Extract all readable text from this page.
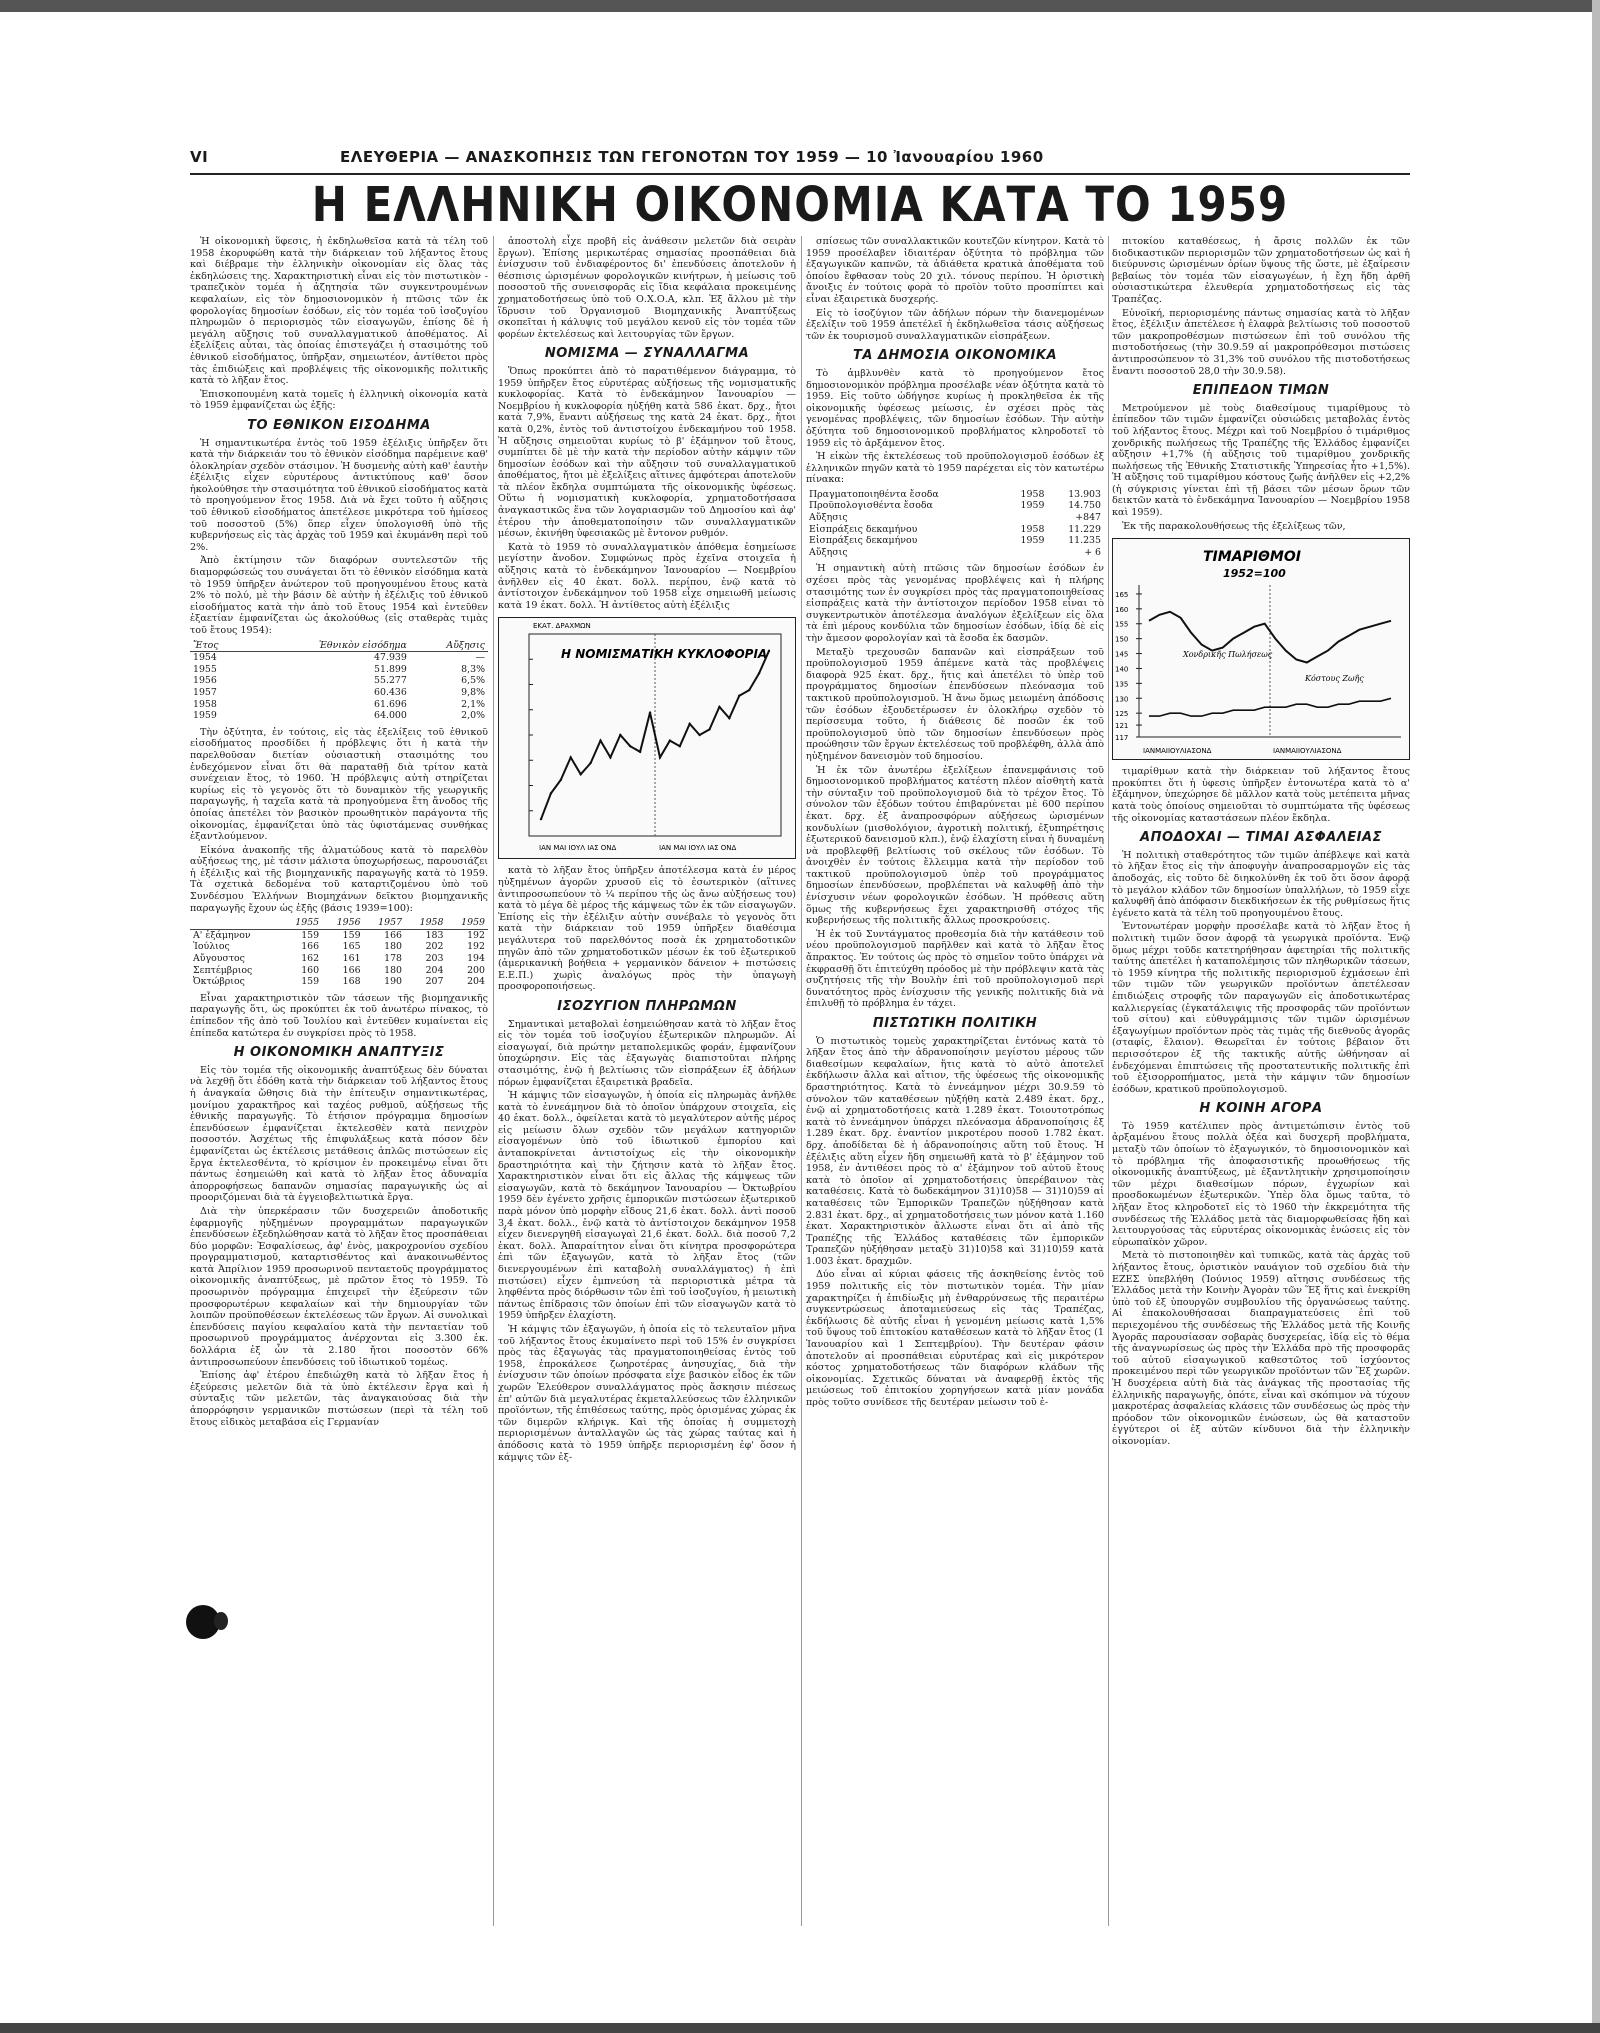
VI	ΕΛΕΥΘΕΡΙΑ — ΑΝΑΣΚΟΠΗΣΙΣ ΤΩΝ ΓΕΓΟΝΟΤΩΝ ΤΟΥ 1959 — 10 Ἰανουαρίου 1960
Η ΕΛΛΗΝΙΚΗ ΟΙΚΟΝΟΜΙΑ ΚΑΤΑ ΤΟ 1959

Ἡ οἰκονομικὴ ὕφεσις, ἡ ἐκδηλωθεῖσα κατὰ τὰ τέλη τοῦ 1958 ἐκορυφώθη κατὰ τὴν διάρκειαν τοῦ λήξαντος ἔτους καὶ διέβραμε τὴν ἑλληνικὴν οἰκονομίαν εἰς ὅλας τὰς ἐκδηλώσεις της. Χαρακτηριστικὴ εἶναι εἰς τὸν πιστωτικὸν - τραπεζικὸν τομέα ἡ ἀζητησία τῶν συγκεντρουμένων κεφαλαίων, εἰς τὸν δημοσιονομικὸν ἡ πτῶσις τῶν ἐκ φορολογίας δημοσίων ἐσόδων, εἰς τὸν τομέα τοῦ ἰσοζυγίου πληρωμῶν ὁ περιορισμὸς τῶν εἰσαγωγῶν, ἐπίσης δὲ ἡ μεγάλη αὔξησις τοῦ συναλλαγματικοῦ ἀποθέματος. Αἱ ἐξελίξεις αὗται, τὰς ὁποίας ἐπιστεγάζει ἡ στασιμότης τοῦ ἐθνικοῦ εἰσοδήματος, ὑπῆρξαν, σημειωτέον, ἀντίθετοι πρὸς τὰς ἐπιδιώξεις καὶ προβλέψεις τῆς οἰκονομικῆς πολιτικῆς κατὰ τὸ λῆξαν ἔτος.

Ἐπισκοπουμένη κατὰ τομεῖς ἡ ἑλληνικὴ οἰκονομία κατὰ τὸ 1959 ἐμφανίζεται ὡς ἑξῆς:

ΤΟ ΕΘΝΙΚΟΝ ΕΙΣΟΔΗΜΑ

Ἡ σημαντικωτέρα ἐντὸς τοῦ 1959 ἐξέλιξις ὑπῆρξεν ὅτι κατὰ τὴν διάρκειάν του τὸ ἐθνικὸν εἰσόδημα παρέμεινε καθ' ὁλοκληρίαν σχεδὸν στάσιμον. Ἡ δυσμενὴς αὐτὴ καθ' ἑαυτὴν ἐξέλιξις εἶχεν εὐρυτέρους ἀντικτύπους καθ' ὅσον ἠκολούθησε τὴν στασιμότητα τοῦ ἐθνικοῦ εἰσοδήματος κατὰ τὸ προηγούμενον ἔτος 1958. Διὰ νὰ ἔχει τοῦτο ἡ αὔξησις τοῦ ἐθνικοῦ εἰσοδήματος ἀπετέλεσε μικρότερα τοῦ ἡμίσεος τοῦ ποσοστοῦ (5%) ὅπερ εἶχεν ὑπολογισθῆ ὑπὸ τῆς κυβερνήσεως εἰς τὰς ἀρχὰς τοῦ 1959 καὶ ἐκυμάνθη περὶ τοῦ 2%.

Ἀπὸ ἐκτίμησιν τῶν διαφόρων συντελεστῶν τῆς διαμορφώσεώς του συνάγεται ὅτι τὸ ἐθνικὸν εἰσόδημα κατὰ τὸ 1959 ὑπῆρξεν ἀνώτερον τοῦ προηγουμένου ἔτους κατὰ 2% τὸ πολύ, μὲ τὴν βάσιν δὲ αὐτὴν ἡ ἐξέλιξις τοῦ ἐθνικοῦ εἰσοδήματος κατὰ τὴν ἀπὸ τοῦ ἔτους 1954 καὶ ἐντεῦθεν ἑξαετίαν ἐμφανίζεται ὡς ἀκολούθως (εἰς σταθερὰς τιμὰς τοῦ ἔτους 1954):

Ἔτος	Ἐθνικὸν εἰσόδημα	Αὔξησις
1954	47.939	—
1955	51.899	8,3%
1956	55.277	6,5%
1957	60.436	9,8%
1958	61.696	2,1%
1959	64.000	2,0%

Τὴν ὀξύτητα, ἐν τούτοις, εἰς τὰς ἐξελίξεις τοῦ ἐθνικοῦ εἰσοδήματος προσδίδει ἡ πρόβλεψις ὅτι ἡ κατὰ τὴν παρελθοῦσαν διετίαν οὐσιαστικὴ στασιμότης του ἐνδεχόμενον εἶναι ὅτι θὰ παραταθῇ διὰ τρίτον κατὰ συνέχειαν ἔτος, τὸ 1960. Ἡ πρόβλεψις αὐτὴ στηρίζεται κυρίως εἰς τὸ γεγονὸς ὅτι τὸ δυναμικὸν τῆς γεωργικῆς παραγωγῆς, ἡ ταχεῖα κατὰ τὰ προηγούμενα ἔτη ἄνοδος τῆς ὁποίας ἀπετέλει τὸν βασικὸν προωθητικὸν παράγοντα τῆς οἰκονομίας, ἐμφανίζεται ὑπὸ τὰς ὑφιστάμενας συνθήκας ἐξαντλούμενον.

Εἰκόνα ἀνακοπῆς τῆς ἀλματώδους κατὰ τὸ παρελθὸν αὐξήσεως της, μὲ τάσιν μάλιστα ὑποχωρήσεως, παρουσιάζει ἡ ἐξέλιξις καὶ τῆς βιομηχανικῆς παραγωγῆς κατὰ τὸ 1959. Τὰ σχετικὰ δεδομένα τοῦ καταρτιζομένου ὑπὸ τοῦ Συνδέσμου Ἑλλήνων Βιομηχάνων δεῖκτου βιομηχανικῆς παραγωγῆς ἔχουν ὡς ἑξῆς (βάσις 1939=100):

	1955	1956	1957	1958	1959
Α' ἑξάμηνον	159	159	166	183	192
Ἰούλιος	166	165	180	202	192
Αὔγουστος	162	161	178	203	194
Σεπτέμβριος	160	166	180	204	200
Ὀκτώβριος	159	168	190	207	204

Εἶναι χαρακτηριστικὸν τῶν τάσεων τῆς βιομηχανικῆς παραγωγῆς ὅτι, ὡς προκύπτει ἐκ τοῦ ἀνωτέρω πίνακος, τὸ ἐπίπεδον τῆς ἀπὸ τοῦ Ἰουλίου καὶ ἐντεῦθεν κυμαίνεται εἰς ἐπίπεδα κατώτερα ἐν συγκρίσει πρὸς τὸ 1958.

Η ΟΙΚΟΝΟΜΙΚΗ ΑΝΑΠΤΥΞΙΣ

Εἰς τὸν τομέα τῆς οἰκονομικῆς ἀναπτύξεως δὲν δύναται νὰ λεχθῇ ὅτι ἐδόθη κατὰ τὴν διάρκειαν τοῦ λήξαντος ἔτους ἡ ἀναγκαία ὤθησις διὰ τὴν ἐπίτευξιν σημαντικωτέρας, μονίμου χαρακτῆρος καὶ ταχέος ρυθμοῦ, αὐξήσεως τῆς ἐθνικῆς παραγωγῆς. Τὸ ἐτήσιον πρόγραμμα δημοσίων ἐπενδύσεων ἐμφανίζεται ἐκτελεσθὲν κατὰ πενιχρὸν ποσοστόν. Ἀσχέτως τῆς ἐπιφυλάξεως κατὰ πόσον δὲν ἐμφανίζεται ὡς ἐκτέλεσις μετάθεσις ἁπλῶς πιστώσεων εἰς ἔργα ἐκτελεσθέντα, τὸ κρίσιμον ἐν προκειμένῳ εἶναι ὅτι πάντως ἐσημειώθη καὶ κατὰ τὸ λῆξαν ἔτος ἀδυναμία ἀπορροφήσεως δαπανῶν σημασίας παραγωγικῆς ὡς αἱ προοριζόμεναι διὰ τὰ ἐγγειοβελτιωτικὰ ἔργα.

Διὰ τὴν ὑπερκέρασιν τῶν δυσχερειῶν ἀποδοτικῆς ἐφαρμογῆς ηὐξημένων προγραμμάτων παραγωγικῶν ἐπενδύσεων ἐξεδηλώθησαν κατὰ τὸ λῆξαν ἔτος προσπάθειαι δύο μορφῶν: Ἐσφαλίσεως, ἀφ' ἑνὸς, μακροχρονίου σχεδίου προγραμματισμοῦ, καταρτισθέντος καὶ ἀνακοινωθέντος κατὰ Ἀπρίλιον 1959 προσωρινοῦ πενταετοῦς προγράμματος οἰκονομικῆς ἀναπτύξεως, μὲ πρῶτον ἔτος τὸ 1959. Τὸ προσωρινὸν πρόγραμμα ἐπιχειρεῖ τὴν ἐξεύρεσιν τῶν προσφορωτέρων κεφαλαίων καὶ τὴν δημιουργίαν τῶν λοιπῶν προϋποθέσεων ἐκτελέσεως τῶν ἔργων. Αἱ συνολικαὶ ἐπενδύσεις παγίου κεφαλαίου κατὰ τὴν πενταετίαν τοῦ προσωρινοῦ προγράμματος ἀνέρχονται εἰς 3.300 ἑκ. δολλάρια ἐξ ὧν τὰ 2.180 ἤτοι ποσοστὸν 66% ἀντιπροσωπεύουν ἐπενδύσεις τοῦ ἰδιωτικοῦ τομέως.

Ἐπίσης ἀφ' ἑτέρου ἐπεδιώχθη κατὰ τὸ λῆξαν ἔτος ἡ ἐξεύρεσις μελετῶν διὰ τὰ ὑπὸ ἐκτέλεσιν ἔργα καὶ ἡ σύνταξις τῶν μελετῶν, τὰς ἀναγκαιούσας διὰ τὴν ἀπορρόφησιν γερμανικῶν πιστώσεων (περὶ τὰ τέλη τοῦ ἔτους εἰδικὸς μεταβάσα εἰς Γερμανίαν

ἀποστολὴ εἶχε προβῆ εἰς ἀνάθεσιν μελετῶν διὰ σειρὰν ἔργων). Ἐπίσης μερικωτέρας σημασίας προσπάθειαι διὰ ἐνίσχυσιν τοῦ ἐνδιαφέροντος δι' ἐπενδύσεις ἀποτελοῦν ἡ θέσπισις ὡρισμένων φορολογικῶν κινήτρων, ἡ μείωσις τοῦ ποσοστοῦ τῆς συνεισφορᾶς εἰς ἴδια κεφάλαια προκειμένης χρηματοδοτήσεως ὑπὸ τοῦ Ο.Χ.Ο.Α, κλπ. Ἐξ ἄλλου μὲ τὴν ἵδρυσιν τοῦ Ὀργανισμοῦ Βιομηχανικῆς Ἀναπτύξεως σκοπεῖται ἡ κάλυψις τοῦ μεγάλου κενοῦ εἰς τὸν τομέα τῶν φορέων ἐκτελέσεως καὶ λειτουργίας τῶν ἔργων.

ΝΟΜΙΣΜΑ — ΣΥΝΑΛΛΑΓΜΑ

Ὅπως προκύπτει ἀπὸ τὸ παρατιθέμενον διάγραμμα, τὸ 1959 ὑπῆρξεν ἔτος εὐρυτέρας αὐξήσεως τῆς νομισματικῆς κυκλοφορίας. Κατὰ τὸ ἐνδεκάμηνον Ἰανουαρίου — Νοεμβρίου ἡ κυκλοφορία ηὐξήθη κατὰ 586 ἑκατ. δρχ., ἤτοι κατὰ 7,9%, ἔναντι αὐξήσεως της κατὰ 24 ἑκατ. δρχ., ἤτοι κατὰ 0,2%, ἐντὸς τοῦ ἀντιστοίχου ἐνδεκαμήνου τοῦ 1958. Ἡ αὔξησις σημειοῦται κυρίως τὸ β' ἑξάμηνον τοῦ ἔτους, συμπίπτει δὲ μὲ τὴν κατὰ τὴν περίοδον αὐτὴν κάμψιν τῶν δημοσίων ἐσόδων καὶ τὴν αὔξησιν τοῦ συναλλαγματικοῦ ἀποθέματος, ἤτοι μὲ ἐξελίξεις αἵτινες ἀμφότεραι ἀποτελοῦν τὰ πλέον ἔκδηλα συμπτώματα τῆς οἰκονομικῆς ὑφέσεως. Οὕτω ἡ νομισματικὴ κυκλοφορία, χρηματοδοτήσασα ἀναγκαστικῶς ἕνα τῶν λογαριασμῶν τοῦ Δημοσίου καὶ ἀφ' ἑτέρου τὴν ἀποθεματοποίησιν τῶν συναλλαγματικῶν μέσων, ἐκινήθη ὑφεσιακῶς μὲ ἔντονον ρυθμόν.

Κατὰ τὸ 1959 τὸ συναλλαγματικὸν ἀπόθεμα ἐσημείωσε μεγίστην ἄνοδον. Συμφώνως πρὸς ἐχεῖνα στοιχεῖα ἡ αὔξησις κατὰ τὸ ἐνδεκάμηνον Ἰανουαρίου — Νοεμβρίου ἀνῆλθεν εἰς 40 ἑκατ. δολλ. περίπου, ἐνῷ κατὰ τὸ ἀντίστοιχον ἐνδεκάμηνον τοῦ 1958 εἶχε σημειωθῆ μείωσις κατὰ 19 ἑκατ. δολλ. Ἡ ἀντίθετος αὐτὴ ἐξέλιξις

ΕΚΑΤ. ΔΡΑΧΜΩΝ
Η ΝΟΜΙΣΜΑΤΙΚΗ ΚΥΚΛΟΦΟΡΙΑ
ΙΑΝ ΜΑΙ ΙΟΥΛ ΙΑΣ ΟΝΔ	ΙΑΝ ΜΑΙ ΙΟΥΛ ΙΑΣ ΟΝΔ

κατὰ τὸ λῆξαν ἔτος ὑπῆρξεν ἀποτέλεσμα κατὰ ἐν μέρος ηὐξημένων ἀγορῶν χρυσοῦ εἰς τὸ ἐσωτερικὸν (αἵτινες ἀντιπροσωπεύουν τὸ ¼ περίπου τῆς ὡς ἄνω αὐξήσεως του) κατὰ τὸ μέγα δὲ μέρος τῆς κάμψεως τῶν ἐκ τῶν εἰσαγωγῶν. Ἐπίσης εἰς τὴν ἐξέλιξιν αὐτὴν συνέβαλε τὸ γεγονὸς ὅτι κατὰ τὴν διάρκειαν τοῦ 1959 ὑπῆρξεν διαθέσιμα μεγάλυτερα τοῦ παρελθόντος ποσὰ ἐκ χρηματοδοτικῶν πηγῶν ἀπὸ τῶν χρηματοδοτικῶν μέσων ἐκ τοῦ ἐξωτερικοῦ (ἀμερικανικὴ βοήθεια + γερμανικὸν δάνειον + πιστώσεις Ε.Ε.Π.) χωρὶς ἀναλόγως πρὸς τὴν ὑπαγωγὴ προσφοροποιήσεως.

ΙΣΟΖΥΓΙΟΝ ΠΛΗΡΩΜΩΝ

Σημαντικαὶ μεταβολαὶ ἐσημειώθησαν κατὰ τὸ λῆξαν ἔτος εἰς τὸν τομέα τοῦ ἰσοζυγίου ἐξωτερικῶν πληρωμῶν. Αἱ εἰσαγωγαί, διὰ πρώτην μεταπολεμικῶς φοράν, ἐμφανίζουν ὑποχώρησιν. Εἰς τὰς ἐξαγωγὰς διαπιστοῦται πλήρης στασιμότης, ἐνῷ ἡ βελτίωσις τῶν εἰσπράξεων ἐξ ἀδήλων πόρων ἐμφανίζεται ἐξαιρετικὰ βραδεῖα.

Ἡ κάμψις τῶν εἰσαγωγῶν, ἡ ὁποία εἰς πληρωμὰς ἀνῆλθε κατὰ τὸ ἐννεάμηνον διὰ τὸ ὁποῖον ὑπάρχουν στοιχεῖα, εἰς 40 ἑκατ. δολλ., ὀφείλεται κατὰ τὸ μεγαλύτερον αὐτῆς μέρος εἰς μείωσιν ὄλων σχεδὸν τῶν μεγάλων κατηγοριῶν εἰσαγομένων ὑπὸ τοῦ ἰδιωτικοῦ ἐμπορίου καὶ ἀνταποκρίνεται ἀντιστοίχως εἰς τὴν οἰκονομικὴν δραστηριότητα καὶ τὴν ζήτησιν κατὰ τὸ λῆξαν ἔτος. Χαρακτηριστικὸν εἶναι ὅτι εἰς ἄλλας τῆς κάμψεως τῶν εἰσαγωγῶν, κατὰ τὸ δεκάμηνον Ἰανουαρίου — Ὀκτωβρίου 1959 δὲν ἐγένετο χρῆσις ἐμπορικῶν πιστώσεων ἐξωτερικοῦ παρὰ μόνον ὑπὸ μορφὴν εἴδους 21,6 ἑκατ. δολλ. ἀντὶ ποσοῦ 3,4 ἑκατ. δολλ., ἐνῷ κατὰ τὸ ἀντίστοιχον δεκάμηνον 1958 εἶχεν διενεργηθῆ εἰσαγωγαὶ 21,6 ἑκατ. δολλ. διὰ ποσοῦ 7,2 ἑκατ. δολλ. Ἀπαραίτητον εἶναι ὅτι κίνητρα προσφορώτερα ἐπὶ τῶν ἐξαγωγῶν, κατὰ τὸ λῆξαν ἔτος (τῶν διενεργουμένων ἐπὶ καταβολὴ συναλλάγματος) ἡ ἐπὶ πιστώσει) εἶχεν ἐμπνεύση τὰ περιοριστικὰ μέτρα τὰ ληφθέντα πρὸς διόρθωσιν τῶν ἐπὶ τοῦ ἰσοζυγίου, ἡ μειωτικὴ πάντως ἐπίδρασις τῶν ὁποίων ἐπὶ τῶν εἰσαγωγῶν κατὰ τὸ 1959 ὑπῆρξεν ἐλαχίστη.

Ἡ κάμψις τῶν ἐξαγωγῶν, ἡ ὁποία εἰς τὸ τελευταῖον μῆνα τοῦ λήξαντος ἔτους ἐκυμαίνετο περὶ τοῦ 15% ἐν συγκρίσει πρὸς τὰς ἐξαγωγὰς τὰς πραγματοποιηθείσας ἐντὸς τοῦ 1958, ἐπροκάλεσε ζωηροτέρας ἀνησυχίας, διὰ τὴν ἐνίσχυσιν τῶν ὁποίων πρόσφατα εἶχε βασικὸν εἶδος ἐκ τῶν χωρῶν Ἐλεύθερον συναλλάγματος πρὸς ἄσκησιν πιέσεως ἐπ' αὐτῶν διὰ μεγαλυτέρας ἐκμεταλλεύσεως τῶν ἐλληνικῶν προϊόντων, τῆς ἐπιθέσεως ταύτης, πρὸς ὀρισμένας χώρας ἐκ τῶν διμερῶν κλήριγκ. Καὶ τῆς ὁποίας ἡ συμμετοχὴ περιορισμένων ἀνταλλαγῶν ὡς τὰς χώρας ταύτας καὶ ἡ ἀπόδοσις κατὰ τὸ 1959 ὑπῆρξε περιορισμένη ἐφ' ὅσον ἡ κάμψις τῶν ἐξ-

σπίσεως τῶν συναλλακτικῶν κουτεζῶν κίνητρον. Κατὰ τὸ 1959 προσέλαβεν ἰδιαιτέραν ὀξύτητα τὸ πρόβλημα τῶν ἐξαγωγικῶν καπνῶν, τὰ ἀδιάθετα κρατικὰ ἀποθέματα τοῦ ὁποίου ἔφθασαν τοὺς 20 χιλ. τόνους περίπου. Ἡ ὁριστικὴ ἄνοιξις ἐν τούτοις φορὰ τὸ προϊὸν τοῦτο προσπίπτει καὶ εἶναι ἐξαιρετικὰ δυσχερής.

Εἰς τὸ ἰσοζύγιον τῶν ἀδήλων πόρων τὴν διανεμομένων ἐξελίξιν τοῦ 1959 ἀπετέλεῖ ἡ ἐκδηλωθεῖσα τάσις αὐξήσεως τῶν ἐκ τουρισμοῦ συναλλαγματικῶν εἰσπράξεων.

ΤΑ ΔΗΜΟΣΙΑ ΟΙΚΟΝΟΜΙΚΑ

Τὸ ἀμβλυνθὲν κατὰ τὸ προηγούμενον ἔτος δημοσιονομικὸν πρόβλημα προσέλαβε νέαν ὀξύτητα κατὰ τὸ 1959. Εἰς τοῦτο ὡδήγησε κυρίως ἡ προκληθεῖσα ἐκ τῆς οἰκονομικῆς ὑφέσεως μείωσις, ἐν σχέσει πρὸς τὰς γενομένας προβλέψεις, τῶν δημοσίων ἐσόδων. Τὴν αὐτὴν ὀξύτητα τοῦ δημοσιονομικοῦ προβλήματος κληροδοτεῖ τὸ 1959 εἰς τὸ ἀρξάμενον ἔτος.

Ἡ εἰκὼν τῆς ἐκτελέσεως τοῦ προϋπολογισμοῦ ἐσόδων ἐξ ἑλληνικῶν πηγῶν κατὰ τὸ 1959 παρέχεται εἰς τὸν κατωτέρω πίνακα:

Πραγματοποιηθέντα ἔσοδα	1958	13.903
Προϋπολογισθέντα ἔσοδα	1959	14.750
Αὔξησις		+847
Εἰσπράξεις δεκαμήνου	1958	11.229
Εἰσπράξεις δεκαμήνου	1959	11.235
Αὔξησις		+ 6

Ἡ σημαντικὴ αὐτὴ πτῶσις τῶν δημοσίων ἐσόδων ἐν σχέσει πρὸς τὰς γενομένας προβλέψεις καὶ ἡ πλήρης στασιμότης των ἐν συγκρίσει πρὸς τὰς πραγματοποιηθείσας εἰσπράξεις κατὰ τὴν ἀντίστοιχον περίοδον 1958 εἶναι τὸ συγκεντρωτικὸν ἀποτέλεσμα ἀναλόγων ἐξελίξεων εἰς ὅλα τὰ ἐπὶ μέρους κονδύλια τῶν δημοσίων ἐσόδων, ἰδίᾳ δὲ εἰς τὴν ἄμεσον φορολογίαν καὶ τὰ ἔσοδα ἐκ δασμῶν.

Μεταξὺ τρεχουσῶν δαπανῶν καὶ εἰσπράξεων τοῦ προϋπολογισμοῦ 1959 ἀπέμενε κατὰ τὰς προβλέψεις διαφορὰ 925 ἑκατ. δρχ., ἥτις καὶ ἀπετέλει τὸ ὑπὲρ τοῦ προγράμματος δημοσίων ἐπενδύσεων πλεόνασμα τοῦ τακτικοῦ προϋπολογισμοῦ. Ἡ ἄνω ὅμως μειωμένη ἀπόδοσις τῶν ἐσόδων ἐξουδετέρωσεν ἐν ὁλοκλήρῳ σχεδὸν τὸ περίσσευμα τοῦτο, ἡ διάθεσις δὲ ποσῶν ἐκ τοῦ προϋπολογισμοῦ ὑπὸ τῶν δημοσίων ἐπενδύσεων πρὸς προώθησιν τῶν ἔργων ἐκτελέσεως τοῦ προβλέφθη, ἀλλὰ ἀπὸ ηὐξημένον δανεισμὸν τοῦ δημοσίου.

Ἡ ἐκ τῶν ἀνωτέρω ἐξελίξεων ἐπανεμφάνισις τοῦ δημοσιονομικοῦ προβλήματος κατέστη πλέον αἰσθητὴ κατὰ τὴν σύνταξιν τοῦ προϋπολογισμοῦ διὰ τὸ τρέχον ἔτος. Τὸ σύνολον τῶν ἐξόδων τούτου ἐπιβαρύνεται μὲ 600 περίπου ἑκατ. δρχ. ἐξ ἀναπροσφόρων αὐξήσεως ὡρισμένων κονδυλίων (μισθολόγιον, ἀγροτικὴ πολιτική, ἐξυπηρέτησις ἐξωτερικοῦ δανεισμοῦ κλπ.), ἐνῷ ἐλαχίστη εἶναι ἡ δυναμένη νὰ προβλεφθῇ βελτίωσις τοῦ σκέλους τῶν ἐσόδων. Τὸ ἀνοιχθὲν ἐν τούτοις ἔλλειμμα κατὰ τὴν περίοδον τοῦ τακτικοῦ προϋπολογισμοῦ ὑπὲρ τοῦ προγράμματος δημοσίων ἐπενδύσεων, προβλέπεται νὰ καλυφθῇ ἀπὸ τὴν ἐνίσχυσιν νέων φορολογικῶν ἐσόδων. Ἡ πρόθεσις αὕτη ὅμως τῆς κυβερνήσεως ἔχει χαρακτηρισθῆ στόχος τῆς κυβερνήσεως τῆς πολιτικῆς ἄλλως προσκρούσεις.

Ἡ ἐκ τοῦ Συντάγματος προθεσμία διὰ τὴν κατάθεσιν τοῦ νέου προϋπολογισμοῦ παρῆλθεν καὶ κατὰ τὸ λῆξαν ἔτος ἄπρακτος. Ἐν τούτοις ὡς πρὸς τὸ σημεῖον τοῦτο ὑπάρχει νὰ ἐκφρασθῇ ὅτι ἐπιτεύχθη πρόοδος μὲ τὴν πρόβλεψιν κατὰ τὰς συζητήσεις τῆς τὴν Βουλὴν ἐπὶ τοῦ προϋπολογισμοῦ περὶ δυνατότητος πρὸς ἐνίσχυσιν τῆς γενικῆς πολιτικῆς διὰ νὰ ἐπιλυθῇ τὸ πρόβλημα ἐν τάχει.

ΠΙΣΤΩΤΙΚΗ ΠΟΛΙΤΙΚΗ

Ὁ πιστωτικὸς τομεὺς χαρακτηρίζεται ἐντόνως κατὰ τὸ λῆξαν ἔτος ἀπὸ τὴν ἀδρανοποίησιν μεγίστου μέρους τῶν διαθεσίμων κεφαλαίων, ἥτις κατὰ τὸ αὐτὸ ἀποτελεῖ ἐκδήλωσιν ἄλλα καὶ αἴτιον, τῆς ὑφέσεως τῆς οἰκονομικῆς δραστηριότητος. Κατὰ τὸ ἐννεάμηνον μέχρι 30.9.59 τὸ σύνολον τῶν καταθέσεων ηὐξήθη κατὰ 2.489 ἑκατ. δρχ., ἐνῷ αἱ χρηματοδοτήσεις κατὰ 1.289 ἑκατ. Τοιουτοτρόπως κατὰ τὸ ἐννεάμηνον ὑπάρχει πλεόνασμα ἀδρανοποίησις ἐξ 1.289 ἑκατ. δρχ. ἐναντίον μικροτέρου ποσοῦ 1.782 ἑκατ. δρχ. ἀποδίδεται δὲ ἡ ἀδρανοποίησις αὕτη τοῦ ἔτους. Ἡ ἐξέλιξις αὕτη εἶχεν ἤδη σημειωθῆ κατὰ τὸ β' ἑξάμηνον τοῦ 1958, ἐν ἀντιθέσει πρὸς τὸ α' ἑξάμηνον τοῦ αὐτοῦ ἔτους κατὰ τὸ ὁποῖον αἱ χρηματοδοτήσεις ὑπερέβαινον τὰς καταθέσεις. Κατὰ τὸ δωδεκάμηνον 31)10)58 — 31)10)59 αἱ καταθέσεις τῶν Ἐμπορικῶν Τραπεζῶν ηὐξήθησαν κατὰ 2.831 ἑκατ. δρχ., αἱ χρηματοδοτήσεις των μόνον κατὰ 1.160 ἑκατ. Χαρακτηριστικὸν ἄλλωστε εἶναι ὅτι αἱ ἀπὸ τῆς Τραπέζης τῆς Ἑλλάδος καταθέσεις τῶν ἐμπορικῶν Τραπεζῶν ηὐξήθησαν μεταξὺ 31)10)58 καὶ 31)10)59 κατὰ 1.003 ἑκατ. δραχμῶν.

Δύο εἶναι αἱ κύριαι φάσεις τῆς ἀσκηθείσης ἐντὸς τοῦ 1959 πολιτικῆς εἰς τὸν πιστωτικὸν τομέα. Τὴν μίαν χαρακτηρίζει ἡ ἐπιδίωξις μὴ ἐνθαρρύνσεως τῆς περαιτέρω συγκεντρώσεως ἀποταμιεύσεως εἰς τὰς Τραπέζας, ἐκδήλωσις δὲ αὐτῆς εἶναι ἡ γενομένη μείωσις κατὰ 1,5% τοῦ ὕψους τοῦ ἐπιτοκίου καταθέσεων κατὰ τὸ λῆξαν ἔτος (1 Ἰανουαρίου καὶ 1 Σεπτεμβρίου). Τὴν δευτέραν φάσιν ἀποτελοῦν αἱ προσπάθειαι εὐρυτέρας καὶ εἰς μικρότερον κόστος χρηματοδοτήσεως τῶν διαφόρων κλάδων τῆς οἰκονομίας. Σχετικῶς δύναται νὰ ἀναφερθῇ ἐκτὸς τῆς μειώσεως τοῦ ἐπιτοκίου χορηγήσεων κατὰ μίαν μονάδα πρὸς τοῦτο συνίδεσε τῆς δευτέραν μείωσιν τοῦ ἐ-

πιτοκίου καταθέσεως, ἡ ἄρσις πολλῶν ἐκ τῶν διοδικαστικῶν περιορισμῶν τῶν χρηματοδοτήσεων ὡς καὶ ἡ διεύρυνσις ὡρισμένων ὁρίων ὕψους τῆς ὥστε, μὲ ἐξαίρεσιν βεβαίως τὸν τομέα τῶν εἰσαγωγέων, ἡ ἔχη ἤδη ἀρθῆ οὐσιαστικώτερα ἐλευθερία χρηματοδοτήσεως εἰς τὰς Τραπέζας.

Εὐνοϊκή, περιορισμένης πάντως σημασίας κατὰ τὸ λῆξαν ἔτος, ἐξέλιξιν ἀπετέλεσε ἡ ἐλαφρὰ βελτίωσις τοῦ ποσοστοῦ τῶν μακροπροθέσμων πιστώσεων ἐπὶ τοῦ συνόλου τῆς πιστοδοτήσεως (τὴν 30.9.59 αἱ μακροπρόθεσμοι πιστώσεις ἀντιπροσώπευον τὸ 31,3% τοῦ συνόλου τῆς πιστοδοτήσεως ἔναντι ποσοστοῦ 28,0 τὴν 30.9.58).

ΕΠΙΠΕΔΟΝ ΤΙΜΩΝ

Μετρούμενον μὲ τοὺς διαθεσίμους τιμαρίθμους τὸ ἐπίπεδον τῶν τιμῶν ἐμφανίζει οὐσιώδεις μεταβολὰς ἐντὸς τοῦ λήξαντος ἔτους. Μέχρι καὶ τοῦ Νοεμβρίου ὁ τιμάριθμος χονδρικῆς πωλήσεως τῆς Τραπέζης τῆς Ἑλλάδος ἐμφανίζει αὔξησιν +1,7% (ἡ αὔξησις τοῦ τιμαρίθμου χονδρικῆς πωλήσεως τῆς Ἐθνικῆς Στατιστικῆς Ὑπηρεσίας ἦτο +1,5%). Ἡ αὔξησις τοῦ τιμαρίθμου κόστους ζωῆς ἀνῆλθεν εἰς +2,2% (ἡ σύγκρισις γίνεται ἐπὶ τῇ βάσει τῶν μέσων ὅρων τῶν δεικτῶν κατὰ τὸ ἐνδεκάμηνα Ἰανουαρίου — Νοεμβρίου 1958 καὶ 1959).

Ἐκ τῆς παρακολουθήσεως τῆς ἐξελίξεως τῶν,

ΤΙΜΑΡΙΘΜΟΙ
1952=100
165
160
155
150
145
140
135
130
125
121
117
Χονδρικῆς Πωλήσεως
Κόστους Ζωῆς
ΙΑΝΜΑΙΙΟΥΛΙΑΣΟΝΔ	ΙΑΝΜΑΙΙΟΥΛΙΑΣΟΝΔ

τιμαρίθμων κατὰ τὴν διάρκειαν τοῦ λήξαντος ἔτους προκύπτει ὅτι ἡ ὑφεσις ὑπῆρξεν ἐντονωτέρα κατὰ τὸ α' ἑξάμηνον, ὑπεχώρησε δὲ μᾶλλον κατὰ τοὺς μετέπειτα μῆνας κατὰ τοὺς ὁποίους σημειοῦται τὸ συμπτώματα τῆς ὑφέσεως τῆς οἰκονομίας καταστάσεων πλέον ἔκδηλα.

ΑΠΟΔΟΧΑΙ — ΤΙΜΑΙ ΑΣΦΑΛΕΙΑΣ

Ἡ πολιτικὴ σταθερότητος τῶν τιμῶν ἀπέβλεψε καὶ κατὰ τὸ λῆξαν ἔτος εἰς τὴν ἀποφυγὴν ἀναπροσαρμογῶν εἰς τὰς ἀποδοχάς, εἰς τοῦτο δὲ διηκολύνθη ἐκ τοῦ ὅτι ὅσον ἀφορᾷ τὸ μεγάλον κλάδον τῶν δημοσίων ὑπαλλήλων, τὸ 1959 εἶχε καλυφθῆ ἀπὸ ἀπόφασιν διεκδικήσεων ἐκ τῆς ρυθμίσεως ἥτις ἐγένετο κατὰ τὰ τέλη τοῦ προηγουμένου ἔτους.

Ἐντονωτέραν μορφὴν προσέλαβε κατὰ τὸ λῆξαν ἔτος ἡ πολιτικὴ τιμῶν ὅσον ἀφορᾷ τὰ γεωργικὰ προϊόντα. Ἐνῷ ὅμως μέχρι τοῦδε κατετηρήθησαν ἀφετηρίαι τῆς πολιτικῆς ταύτης ἀπετέλει ἡ καταπολέμησις τῶν πληθωρικῶν τάσεων, τὸ 1959 κίνητρα τῆς πολιτικῆς περιορισμοῦ ἐχμάσεων ἐπὶ τῶν τιμῶν τῶν γεωργικῶν προϊόντων ἀπετέλεσαν ἐπιδιώξεις στροφῆς τῶν παραγωγῶν εἰς ἀποδοτικωτέρας καλλιεργείας (ἐγκατάλειψις τῆς προσφορᾶς τῶν προϊόντων τοῦ σίτου) καὶ εὐθυγράμμισις τῶν τιμῶν ὡρισμένων ἐξαγωγίμων προϊόντων πρὸς τὰς τιμὰς τῆς διεθνοῦς ἀγορᾶς (σταφίς, ἔλαιον). Θεωρεῖται ἐν τούτοις βέβαιον ὅτι περισσότερον ἐξ τῆς τακτικῆς αὐτῆς ὠθήνησαν αἱ ἐνδεχόμεναι ἐπιπτώσεις τῆς προστατευτικῆς πολιτικῆς ἐπὶ τοῦ ἐξισορροπήματος, μετὰ τὴν κάμψιν τῶν δημοσίων ἐσόδων, κρατικοῦ προϋπολογισμοῦ.

Η ΚΟΙΝΗ ΑΓΟΡΑ

Τὸ 1959 κατέλιπεν πρὸς ἀντιμετώπισιν ἐντὸς τοῦ ἀρξαμένου ἔτους πολλὰ ὀξέα καὶ δυσχερῆ προβλήματα, μεταξὺ τῶν ὁποίων τὸ ἐξαγωγικόν, τὸ δημοσιονομικὸν καὶ τὸ πρόβλημα τῆς ἀποφασιστικῆς προωθήσεως τῆς οἰκονομικῆς ἀναπτύξεως, μὲ ἐξαντλητικὴν χρησιμοποίησιν τῶν μέχρι διαθεσίμων πόρων, ἐγχωρίων καὶ προσδοκωμένων ἐξωτερικῶν. Ὑπὲρ ὅλα ὅμως ταῦτα, τὸ λῆξαν ἔτος κληροδοτεῖ εἰς τὸ 1960 τὴν ἐκκρεμότητα τῆς συνδέσεως τῆς Ἑλλάδος μετὰ τὰς διαμορφωθείσας ἤδη καὶ λειτουργούσας τὰς εὐρυτέρας οἰκονομικὰς ἑνώσεις εἰς τὸν εὐρωπαϊκὸν χῶρον.

Μετὰ τὸ πιστοποιηθὲν καὶ τυπικῶς, κατὰ τὰς ἀρχὰς τοῦ λήξαντος ἔτους, ὁριστικὸν ναυάγιον τοῦ σχεδίου διὰ τὴν ΕΖΕΣ ὑπεβλήθη (Ἰούνιος 1959) αἴτησις συνδέσεως τῆς Ἑλλάδος μετὰ τὴν Κοινὴν Ἀγορὰν τῶν Ἕξ ἥτις καὶ ἐνεκρίθη ὑπὸ τοῦ ἐξ ὑπουργῶν συμβουλίου τῆς ὀργανώσεως ταύτης. Αἱ ἐπακολουθήσασαι διαπραγματεύσεις ἐπὶ τοῦ περιεχομένου τῆς συνδέσεως τῆς Ἑλλάδος μετὰ τῆς Κοινῆς Ἀγορᾶς παρουσίασαν σοβαρὰς δυσχερείας, ἰδίᾳ εἰς τὸ θέμα τῆς ἀναγνωρίσεως ὡς πρὸς τὴν Ἑλλάδα πρὸ τῆς προσφορᾶς τοῦ αὐτοῦ εἰσαγωγικοῦ καθεστῶτος τοῦ ἰσχύοντος προκειμένου περὶ τῶν γεωργικῶν προϊόντων τῶν Ἕξ χωρῶν. Ἡ δυσχέρεια αὐτὴ διὰ τὰς ἀνάγκας τῆς προστασίας τῆς ἑλληνικῆς παραγωγῆς, ὁπότε, εἶναι καὶ σκόπιμον νὰ τύχουν μακροτέρας ἀσφαλείας κλάσεις τῶν συνδέσεως ὡς πρὸς τὴν πρόοδον τῶν οἰκονομικῶν ἑνώσεων, ὡς θὰ καταστοῦν ἐγγύτεροι οἱ ἐξ αὐτῶν κίνδυνοι διὰ τὴν ἑλληνικὴν οἰκονομίαν.
